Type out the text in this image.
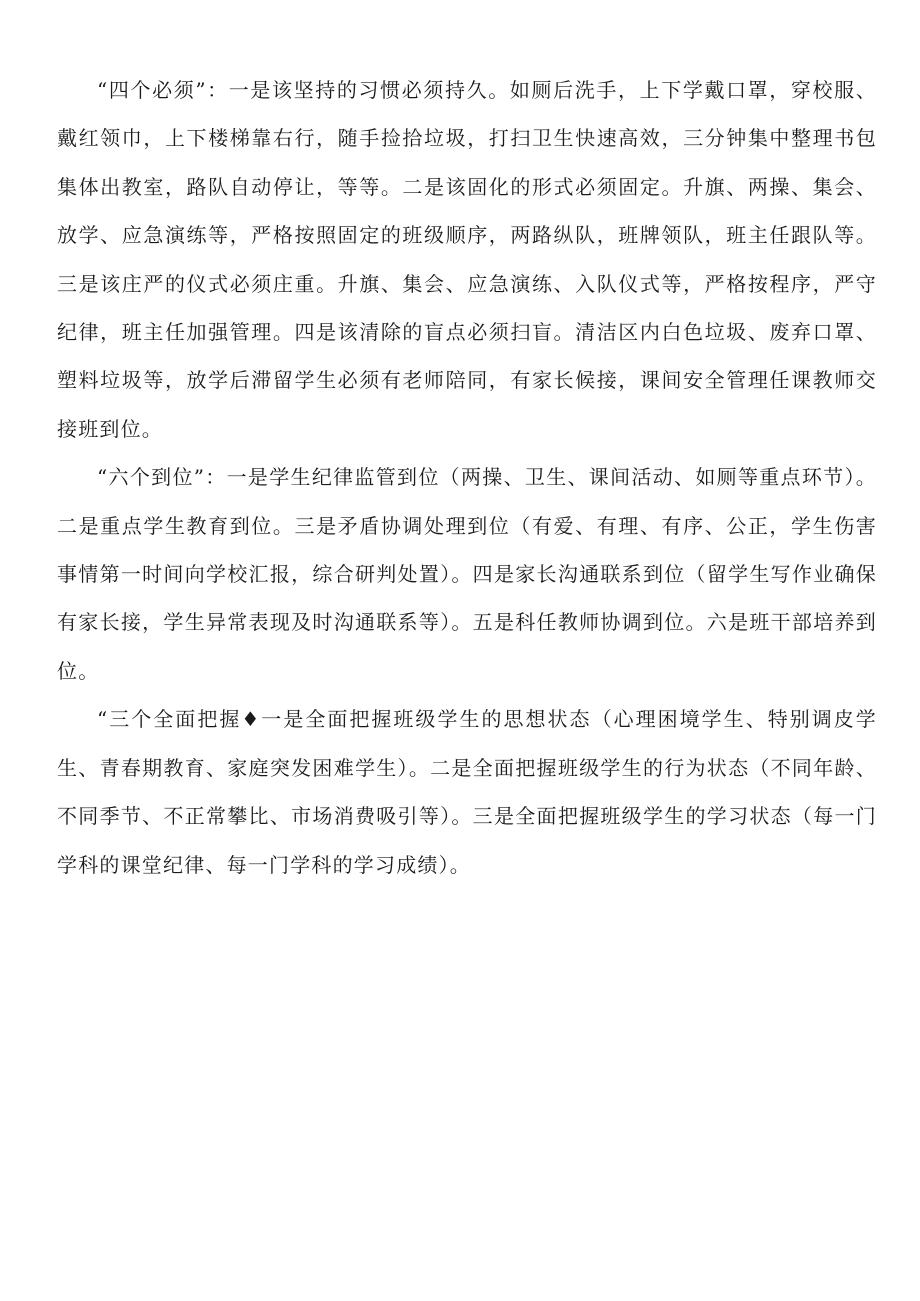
“四个必须”：一是该坚持的习惯必须持久。如厕后洗手，上下学戴口罩，穿校服、戴红领巾，上下楼梯靠右行，随手捡拾垃圾，打扫卫生快速高效，三分钟集中整理书包集体出教室，路队自动停让，等等。二是该固化的形式必须固定。升旗、两操、集会、放学、应急演练等，严格按照固定的班级顺序，两路纵队，班牌领队，班主任跟队等。三是该庄严的仪式必须庄重。升旗、集会、应急演练、入队仪式等，严格按程序，严守纪律，班主任加强管理。四是该清除的盲点必须扫盲。清洁区内白色垃圾、废弃口罩、塑料垃圾等，放学后滞留学生必须有老师陪同，有家长候接，课间安全管理任课教师交接班到位。

“六个到位”：一是学生纪律监管到位（两操、卫生、课间活动、如厕等重点环节）。二是重点学生教育到位。三是矛盾协调处理到位（有爱、有理、有序、公正，学生伤害事情第一时间向学校汇报，综合研判处置）。四是家长沟通联系到位（留学生写作业确保有家长接，学生异常表现及时沟通联系等）。五是科任教师协调到位。六是班干部培养到位。

“三个全面把握♦一是全面把握班级学生的思想状态（心理困境学生、特别调皮学生、青春期教育、家庭突发困难学生）。二是全面把握班级学生的行为状态（不同年龄、不同季节、不正常攀比、市场消费吸引等）。三是全面把握班级学生的学习状态（每一门学科的课堂纪律、每一门学科的学习成绩）。
